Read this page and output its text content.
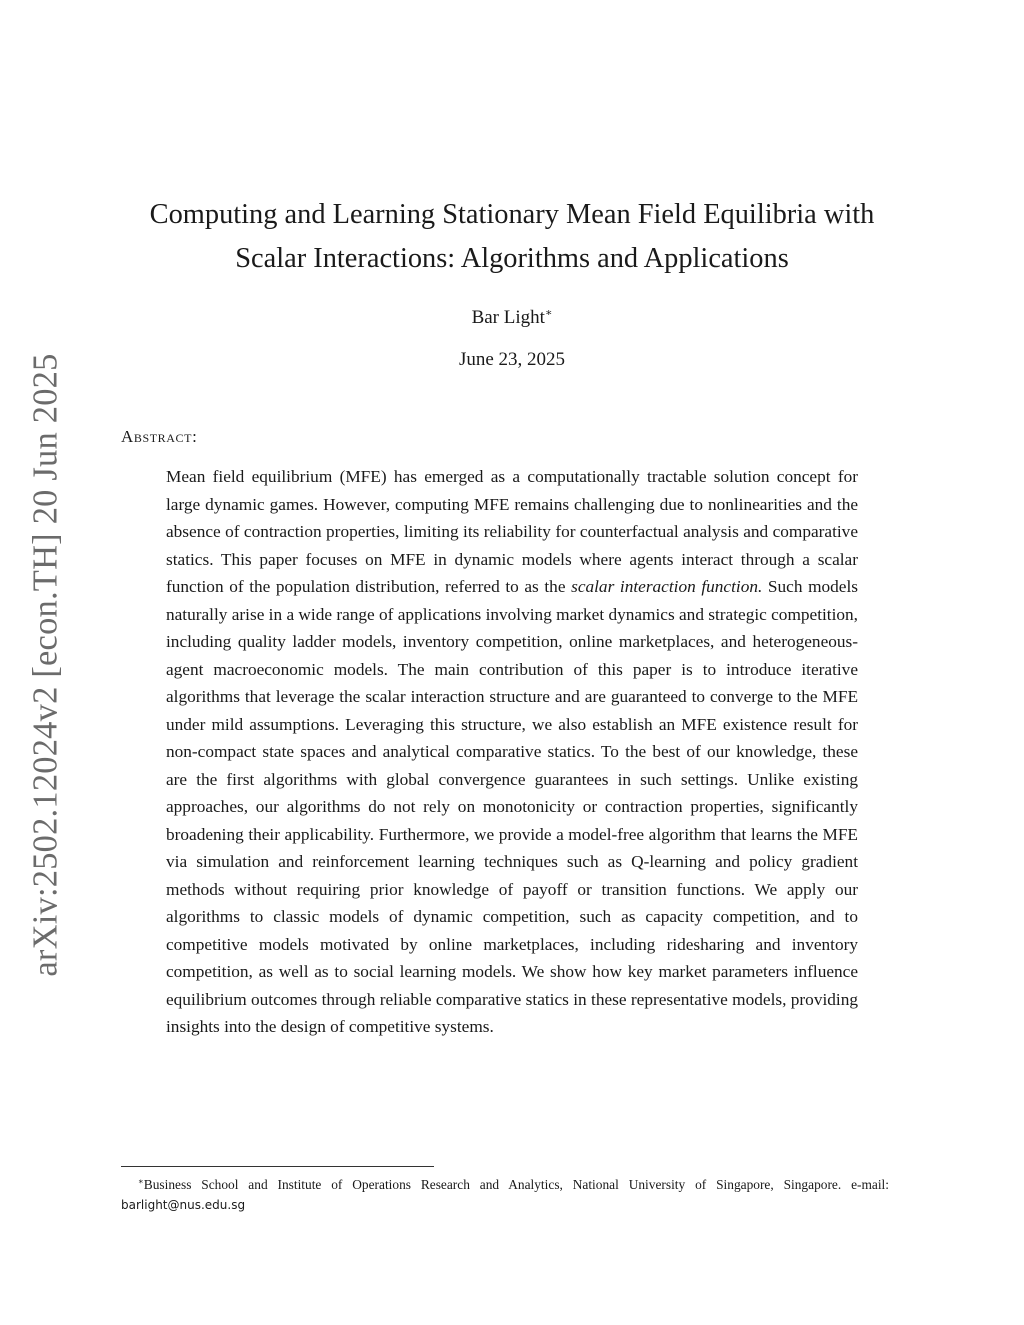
arXiv:2502.12024v2 [econ.TH] 20 Jun 2025
Computing and Learning Stationary Mean Field Equilibria with
Scalar Interactions: Algorithms and Applications
Bar Light∗
June 23, 2025
Abstract:

Mean field equilibrium (MFE) has emerged as a computationally tractable solution concept for large dynamic games. However, computing MFE remains challenging due to nonlinearities and the absence of contraction properties, limiting its reliability for counterfactual analysis and comparative statics. This paper focuses on MFE in dynamic models where agents interact through a scalar function of the population distribution, referred to as the scalar interaction function. Such models naturally arise in a wide range of applications involving market dynamics and strategic competition, including quality ladder models, inventory competition, online marketplaces, and heterogeneous-agent macroeconomic models. The main contribution of this paper is to introduce iterative algorithms that leverage the scalar interaction structure and are guaranteed to converge to the MFE under mild assumptions. Leveraging this structure, we also establish an MFE existence result for non-compact state spaces and analytical comparative statics. To the best of our knowledge, these are the first algorithms with global convergence guarantees in such settings. Unlike existing approaches, our algorithms do not rely on monotonicity or contraction properties, significantly broadening their applicability. Furthermore, we provide a model-free algorithm that learns the MFE via simulation and reinforcement learning techniques such as Q-learning and policy gradient methods without requiring prior knowledge of payoff or transition functions. We apply our algorithms to classic models of dynamic competition, such as capacity competition, and to competitive models motivated by online marketplaces, including ridesharing and inventory competition, as well as to social learning models. We show how key market parameters influence equilibrium outcomes through reliable comparative statics in these representative models, providing insights into the design of competitive systems.

∗Business School and Institute of Operations Research and Analytics, National University of Singapore, Singapore. e-mail: barlight@nus.edu.sg
